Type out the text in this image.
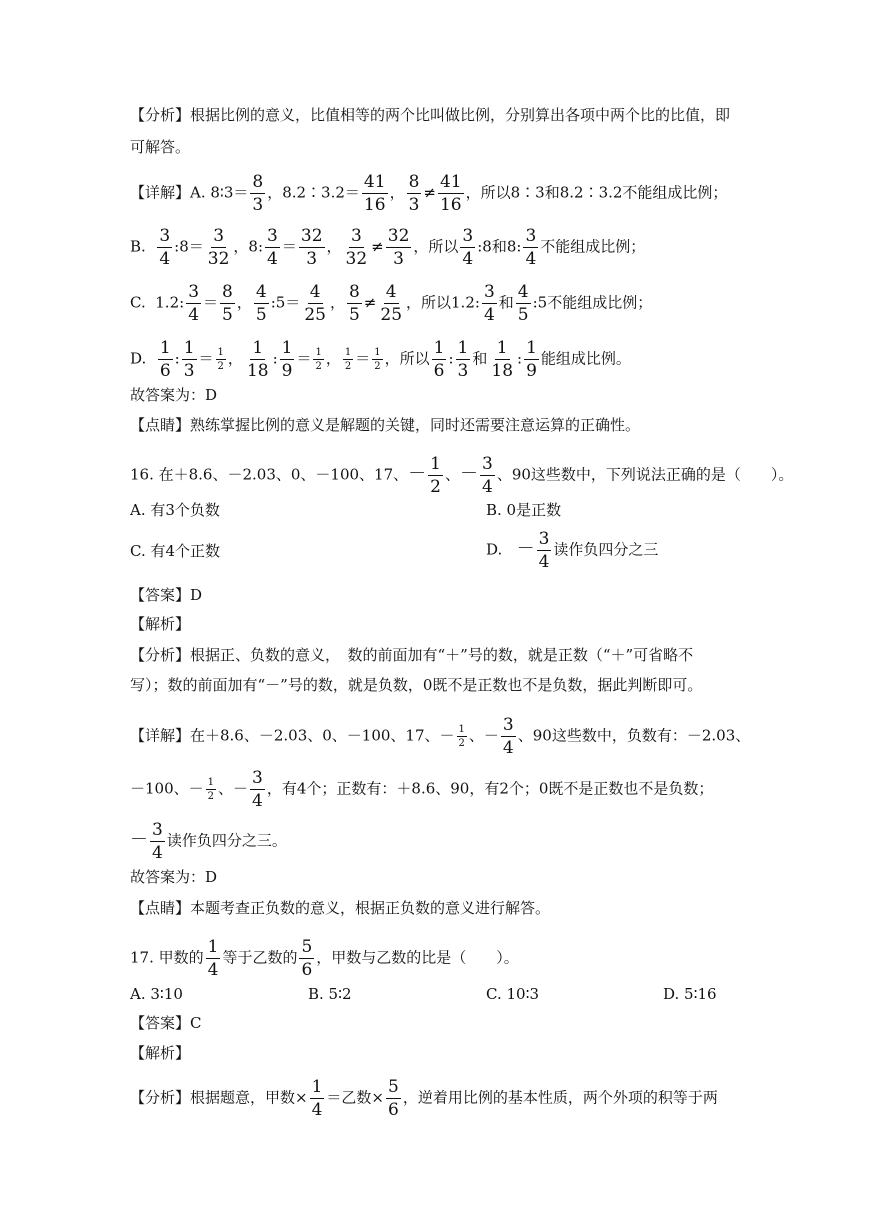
【分析】根据比例的意义，比值相等的两个比叫做比例，分别算出各项中两个比的比值，即
可解答。
【详解】A. 8∶3＝ $\frac{8}{3}$ ，8.2∶3.2＝ $\frac{41}{16}$ ， $\frac{8}{3} \ne \frac{41}{16}$ ，所以8∶3和8.2∶3.2不能组成比例；
B. $\frac{3}{4}$ :8＝ $\frac{3}{32}$ ，8: $\frac{3}{4} = \frac{32}{3}$ ， $\frac{3}{32} \ne \frac{32}{3}$ ，所以 $\frac{3}{4}$ :8和8: $\frac{3}{4}$ 不能组成比例；
C. 1.2: $\frac{3}{4} = \frac{8}{5}$ ， $\frac{4}{5}$ :5＝ $\frac{4}{25}$ ， $\frac{8}{5} \ne \frac{4}{25}$ ，所以1.2: $\frac{3}{4}$ 和 $\frac{4}{5}$ :5不能组成比例；
D. $\frac{1}{6}$ : $\frac{1}{3} = \frac{1}{2}$ ， $\frac{1}{18}$ : $\frac{1}{9} = \frac{1}{2}$ ， $\frac{1}{2} = \frac{1}{2}$ ，所以 $\frac{1}{6}$ : $\frac{1}{3}$ 和 $\frac{1}{18}$ : $\frac{1}{9}$ 能组成比例。
故答案为：D
【点睛】熟练掌握比例的意义是解题的关键，同时还需要注意运算的正确性。
16. 在＋8.6、－2.03、0、－100、17、－ $\frac{1}{2}$ 、－ $\frac{3}{4}$ 、90这些数中，下列说法正确的是（　　）。
A. 有3个负数	B. 0是正数
C. 有4个正数	D. － $\frac{3}{4}$ 读作负四分之三
【答案】D
【解析】
【分析】根据正、负数的意义，　数的前面加有“＋”号的数，就是正数（“＋”可省略不
写）；数的前面加有“－”号的数，就是负数，0既不是正数也不是负数，据此判断即可。
【详解】在＋8.6、－2.03、0、－100、17、－ $\frac{1}{2}$ 、－ $\frac{3}{4}$ 、90这些数中，负数有：－2.03、
－100、－ $\frac{1}{2}$ 、－ $\frac{3}{4}$ ，有4个；正数有：＋8.6、90，有2个；0既不是正数也不是负数；
－ $\frac{3}{4}$ 读作负四分之三。
故答案为：D
【点睛】本题考查正负数的意义，根据正负数的意义进行解答。
17. 甲数的 $\frac{1}{4}$ 等于乙数的 $\frac{5}{6}$ ，甲数与乙数的比是（　　）。
A. 3∶10	B. 5∶2	C. 10∶3	D. 5∶16
【答案】C
【解析】
【分析】根据题意，甲数× $\frac{1}{4}$ ＝乙数× $\frac{5}{6}$ ，逆着用比例的基本性质，两个外项的积等于两
